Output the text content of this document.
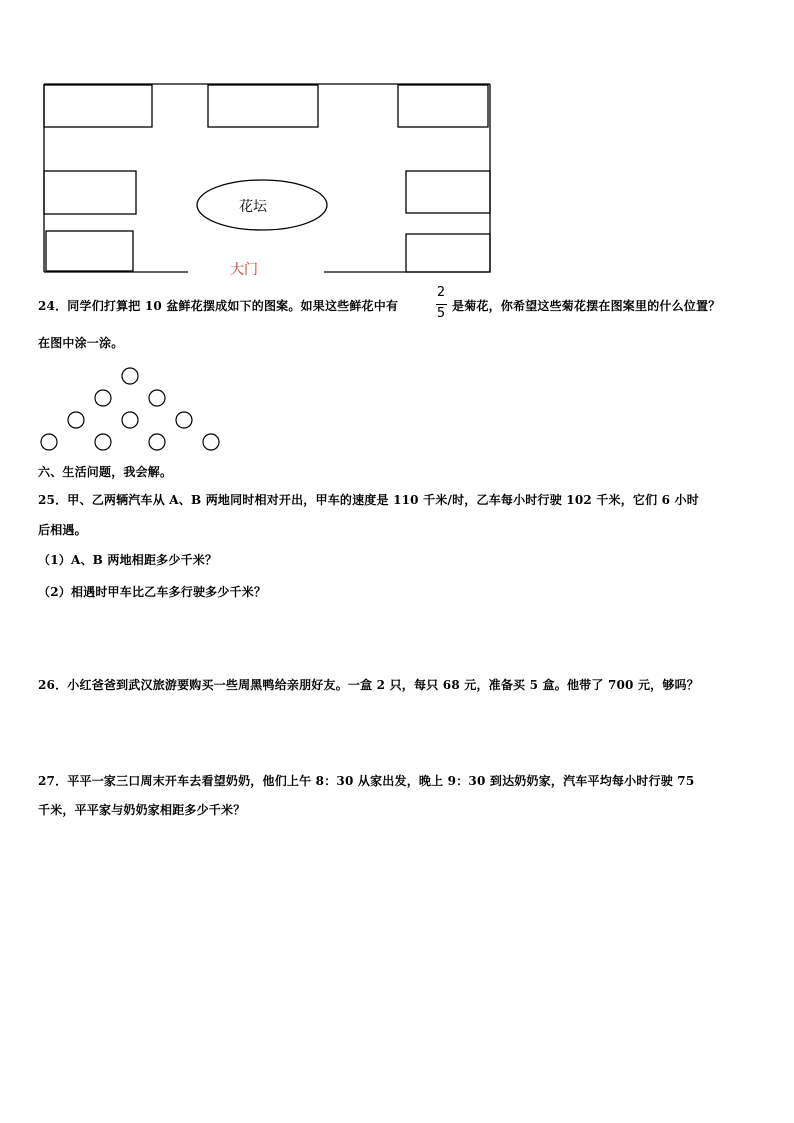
花坛
大门
24．同学们打算把 10 盆鲜花摆成如下的图案。如果这些鲜花中有
2
5 是菊花，你希望这些菊花摆在图案里的什么位置？
在图中涂一涂。
六、生活问题，我会解。
25．甲、乙两辆汽车从 A、B 两地同时相对开出，甲车的速度是 110 千米/时，乙车每小时行驶 102 千米，它们 6 小时
后相遇。
（1）A、B 两地相距多少千米？
（2）相遇时甲车比乙车多行驶多少千米？
26．小红爸爸到武汉旅游要购买一些周黑鸭给亲朋好友。一盒 2 只，每只 68 元，准备买 5 盒。他带了 700 元，够吗？
27．平平一家三口周末开车去看望奶奶，他们上午 8：30 从家出发，晚上 9：30 到达奶奶家，汽车平均每小时行驶 75
千米，平平家与奶奶家相距多少千米？
